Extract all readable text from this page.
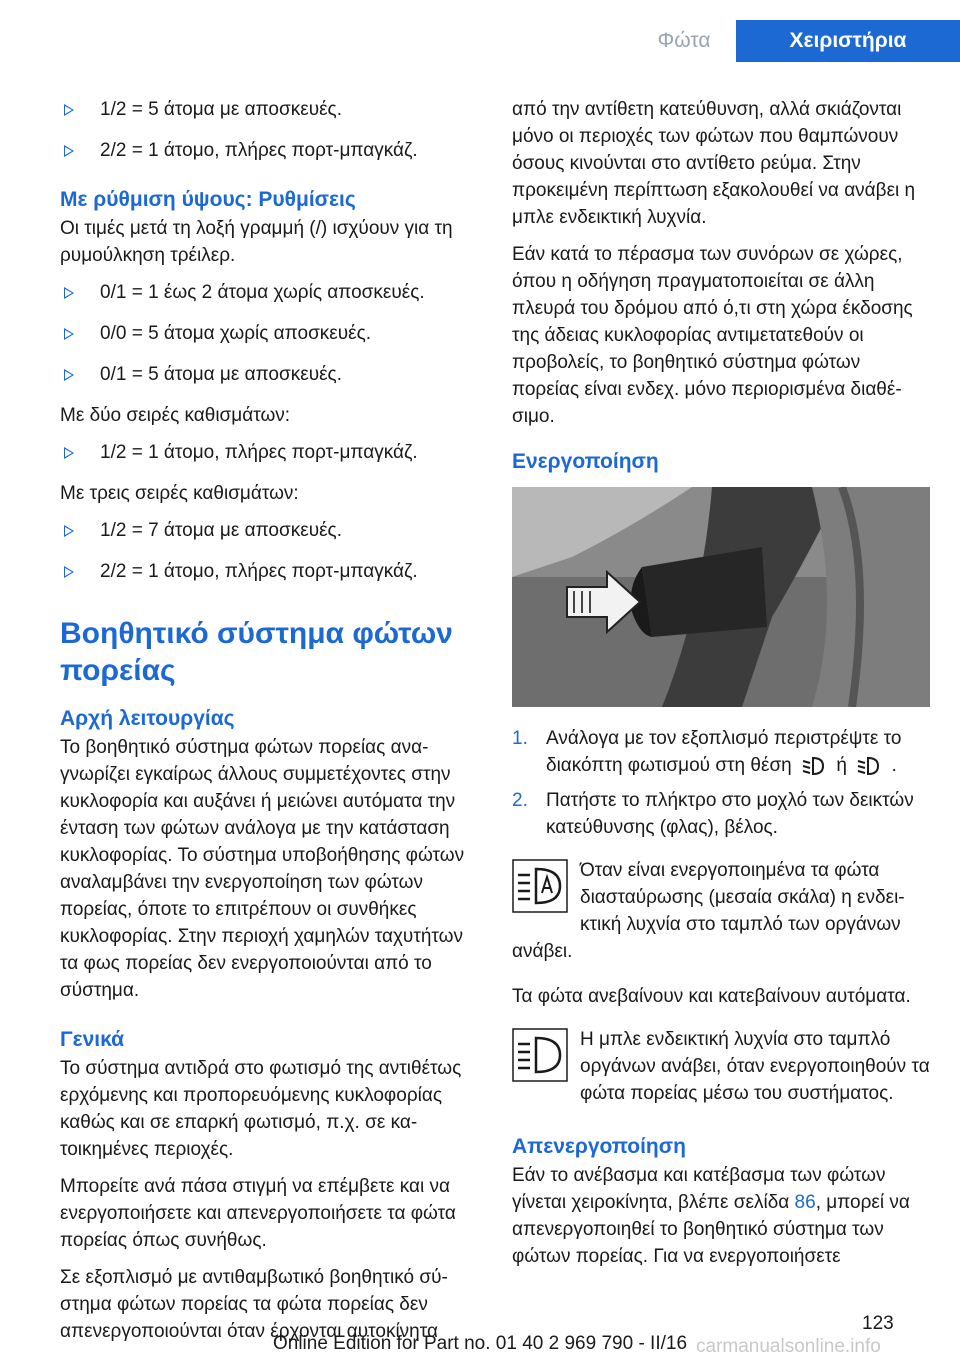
Φώτα	Χειριστήρια
1/2 = 5 άτομα με αποσκευές.
2/2 = 1 άτομο, πλήρες πορτ-μπαγκάζ.
Με ρύθμιση ύψους: Ρυθμίσεις

Οι τιμές μετά τη λοξή γραμμή (/) ισχύουν για τη ρυμούλκηση τρέιλερ.

0/1 = 1 έως 2 άτομα χωρίς αποσκευές.
0/0 = 5 άτομα χωρίς αποσκευές.
0/1 = 5 άτομα με αποσκευές.

Με δύο σειρές καθισμάτων:

1/2 = 1 άτομο, πλήρες πορτ-μπαγκάζ.

Με τρεις σειρές καθισμάτων:

1/2 = 7 άτομα με αποσκευές.
2/2 = 1 άτομο, πλήρες πορτ-μπαγκάζ.
Βοηθητικό σύστημα φώτων πορείας
Αρχή λειτουργίας

Το βοηθητικό σύστημα φώτων πορείας αναγνωρίζει εγκαίρως άλλους συμμετέχοντες στην κυκλοφορία και αυξάνει ή μειώνει αυτόματα την ένταση των φώτων ανάλογα με την κατάσταση κυκλοφορίας. Το σύστημα υποβοήθησης φώτων αναλαμβάνει την ενεργοποίηση των φώτων πορείας, όποτε το επιτρέπουν οι συνθήκες κυκλοφορίας. Στην περιοχή χαμηλών ταχυτήτων τα φως πορείας δεν ενεργοποιούνται από το σύστημα.

Γενικά

Το σύστημα αντιδρά στο φωτισμό της αντιθέτως ερχόμενης και προπορευόμενης κυκλοφορίας καθώς και σε επαρκή φωτισμό, π.χ. σε κατοικημένες περιοχές.

Μπορείτε ανά πάσα στιγμή να επέμβετε και να ενεργοποιήσετε και απενεργοποιήσετε τα φώτα πορείας όπως συνήθως.

Σε εξοπλισμό με αντιθαμβωτικό βοηθητικό σύστημα φώτων πορείας τα φώτα πορείας δεν απενεργοποιούνται όταν έρχονται αυτοκίνητα

από την αντίθετη κατεύθυνση, αλλά σκιάζονται μόνο οι περιοχές των φώτων που θαμπώνουν όσους κινούνται στο αντίθετο ρεύμα. Στην προκειμένη περίπτωση εξακολουθεί να ανάβει η μπλε ενδεικτική λυχνία.

Εάν κατά το πέρασμα των συνόρων σε χώρες, όπου η οδήγηση πραγματοποιείται σε άλλη πλευρά του δρόμου από ό,τι στη χώρα έκδοσης της άδειας κυκλοφορίας αντιμετατεθούν οι προβολείς, το βοηθητικό σύστημα φώτων πορείας είναι ενδεχ. μόνο περιορισμένα διαθέσιμο.

Ενεργοποίηση
1. Ανάλογα με τον εξοπλισμό περιστρέψτε το διακόπτη φωτισμού στη θέση ή .
2. Πατήστε το πλήκτρο στο μοχλό των δεικτών κατεύθυνσης (φλας), βέλος.
Όταν είναι ενεργοποιημένα τα φώτα διασταύρωσης (μεσαία σκάλα) η ενδεικτική λυχνία στο ταμπλό των οργάνων ανάβει.

Τα φώτα ανεβαίνουν και κατεβαίνουν αυτόματα.

Η μπλε ενδεικτική λυχνία στο ταμπλό οργάνων ανάβει, όταν ενεργοποιηθούν τα φώτα πορείας μέσω του συστήματος.
Απενεργοποίηση

Εάν το ανέβασμα και κατέβασμα των φώτων γίνεται χειροκίνητα, βλέπε σελίδα 86, μπορεί να απενεργοποιηθεί το βοηθητικό σύστημα των φώτων πορείας. Για να ενεργοποιήσετε

123
Online Edition for Part no. 01 40 2 969 790 - II/16 carmanualsonline.info
